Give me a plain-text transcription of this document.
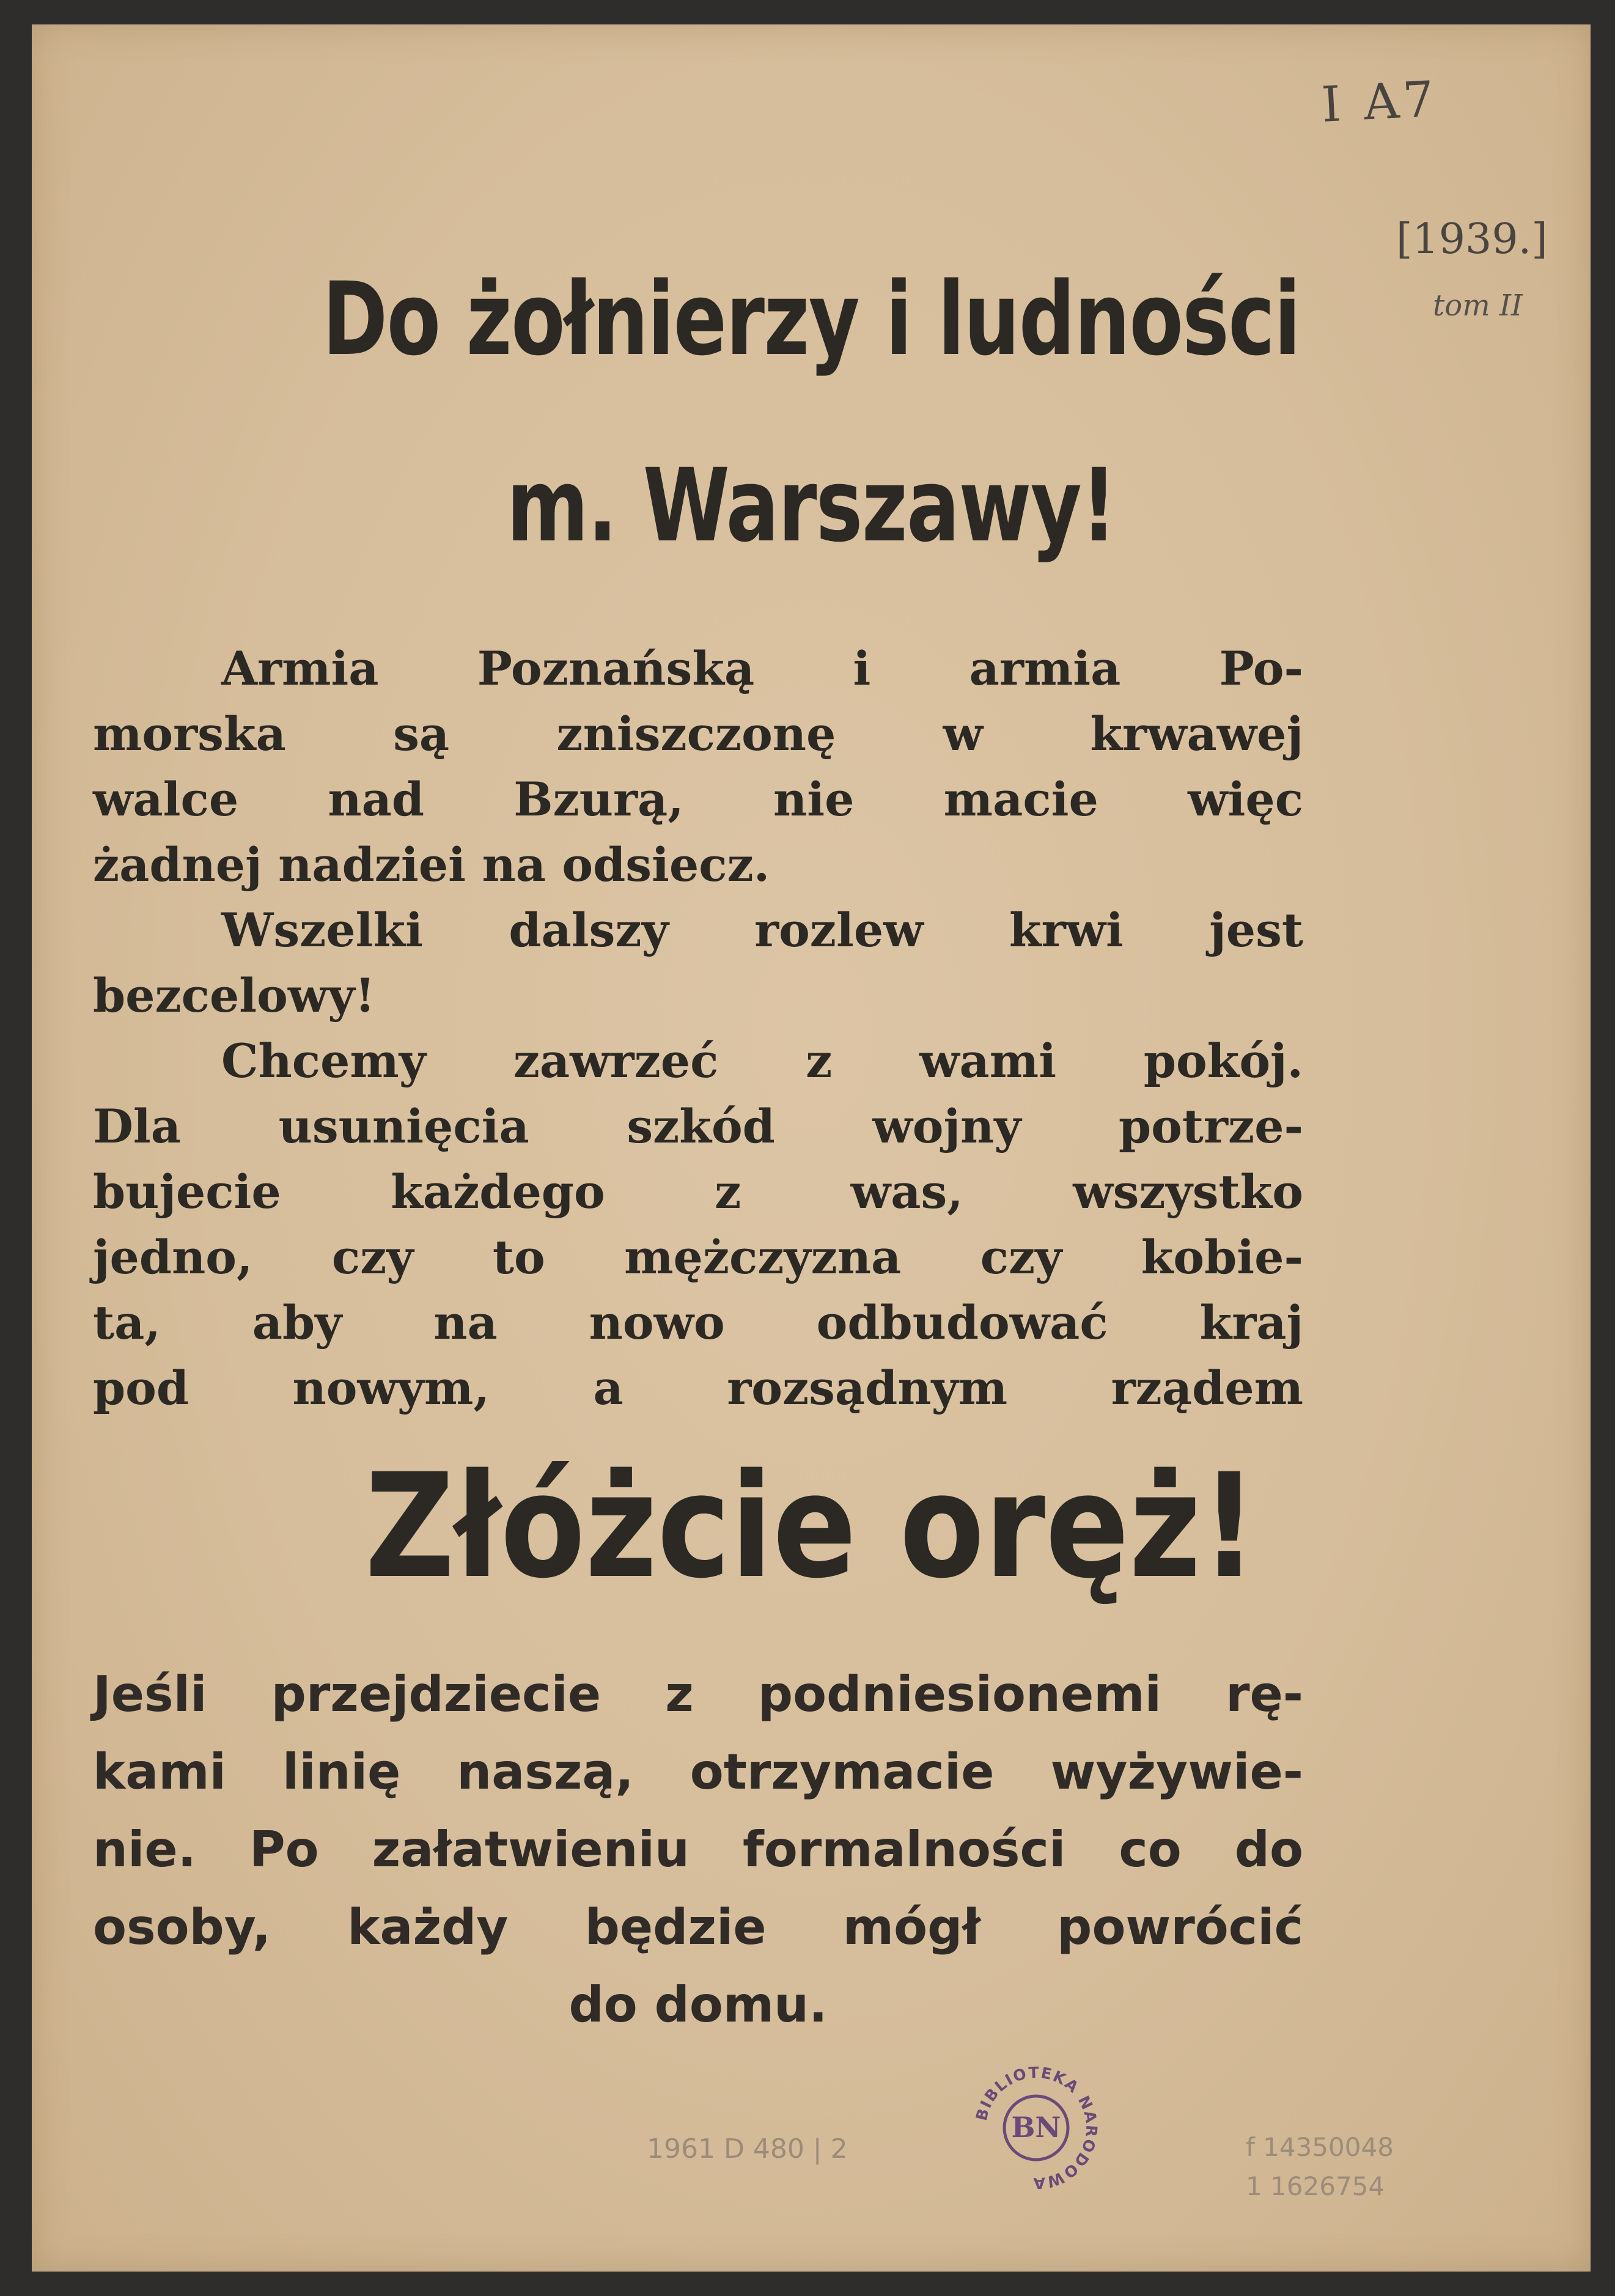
Do żołnierzy i ludności
m. Warszawy!

Armia Poznańską i armia Po-
morska są zniszczonę w krwawej
walce nad Bzurą, nie macie więc
żadnej nadziei na odsiecz.

Wszelki dalszy rozlew krwi jest
bezcelowy!

Chcemy zawrzeć z wami pokój.
Dla usunięcia szkód wojny potrze-
bujecie każdego z was, wszystko
jedno, czy to mężczyzna czy kobie-
ta, aby na nowo odbudować kraj
pod nowym, a rozsądnym rządem

Złóżcie oręż!

Jeśli przejdziecie z podniesionemi rę-
kami linię naszą, otrzymacie wyżywie-
nie. Po załatwieniu formalności co do
osoby, każdy będzie mógł powrócić
do domu.

I A7
[1939.]
tom II
1961 D 480 | 2	f 14350048
1 1626754
BIBLIOTEKA NARODOWA
BN
